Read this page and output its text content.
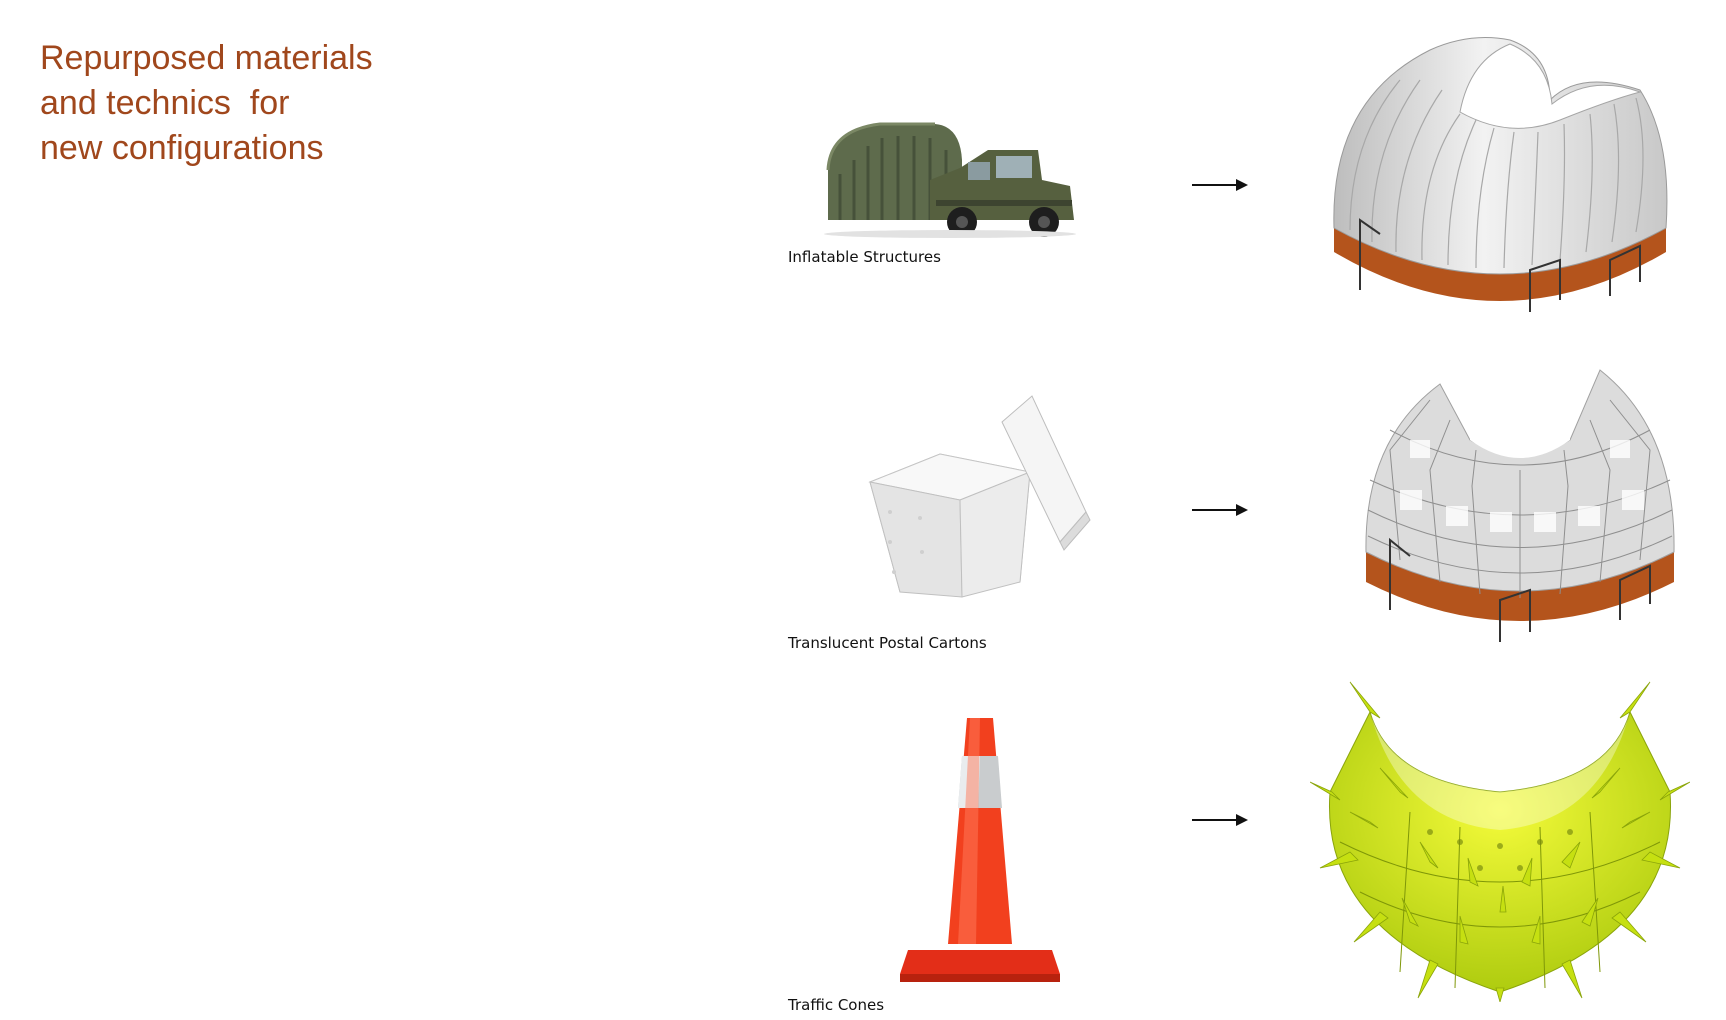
Repurposed materials
and technics  for
new configurations
Inflatable Structures
Translucent Postal Cartons
Traffic Cones
